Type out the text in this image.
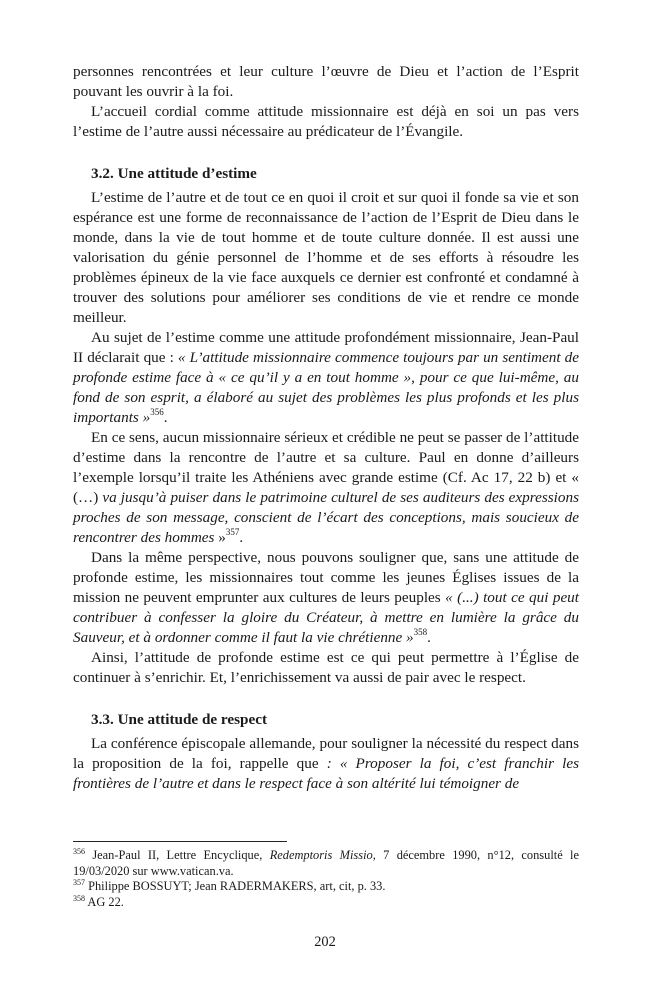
personnes rencontrées et leur culture l’œuvre de Dieu et l’action de l’Esprit pouvant les ouvrir à la foi.

L’accueil cordial comme attitude missionnaire est déjà en soi un pas vers l’estime de l’autre aussi nécessaire au prédicateur de l’Évangile.

3.2. Une attitude d’estime

L’estime de l’autre et de tout ce en quoi il croit et sur quoi il fonde sa vie et son espérance est une forme de reconnaissance de l’action de l’Esprit de Dieu dans le monde, dans la vie de tout homme et de toute culture donnée. Il est aussi une valorisation du génie personnel de l’homme et de ses efforts à résoudre les problèmes épineux de la vie face auxquels ce dernier est confronté et condamné à trouver des solutions pour améliorer ses conditions de vie et rendre ce monde meilleur.

Au sujet de l’estime comme une attitude profondément missionnaire, Jean-Paul II déclarait que : « L’attitude missionnaire commence toujours par un sentiment de profonde estime face à « ce qu’il y a en tout homme », pour ce que lui-même, au fond de son esprit, a élaboré au sujet des problèmes les plus profonds et les plus importants »$^{356}$.

En ce sens, aucun missionnaire sérieux et crédible ne peut se passer de l’attitude d’estime dans la rencontre de l’autre et sa culture. Paul en donne d’ailleurs l’exemple lorsqu’il traite les Athéniens avec grande estime (Cf. Ac 17, 22 b) et « (…) va jusqu’à puiser dans le patrimoine culturel de ses auditeurs des expressions proches de son message, conscient de l’écart des conceptions, mais soucieux de rencontrer des hommes »$^{357}$.

Dans la même perspective, nous pouvons souligner que, sans une attitude de profonde estime, les missionnaires tout comme les jeunes Églises issues de la mission ne peuvent emprunter aux cultures de leurs peuples « (...) tout ce qui peut contribuer à confesser la gloire du Créateur, à mettre en lumière la grâce du Sauveur, et à ordonner comme il faut la vie chrétienne »$^{358}$.

Ainsi, l’attitude de profonde estime est ce qui peut permettre à l’Église de continuer à s’enrichir. Et, l’enrichissement va aussi de pair avec le respect.

3.3. Une attitude de respect

La conférence épiscopale allemande, pour souligner la nécessité du respect dans la proposition de la foi, rappelle que : « Proposer la foi, c’est franchir les frontières de l’autre et dans le respect face à son altérité lui témoigner de

$^{356}$ Jean-Paul II, Lettre Encyclique, Redemptoris Missio, 7 décembre 1990, n°12, consulté le 19/03/2020 sur www.vatican.va.

$^{357}$ Philippe BOSSUYT; Jean RADERMAKERS, art, cit, p. 33.

$^{358}$ AG 22.

202
